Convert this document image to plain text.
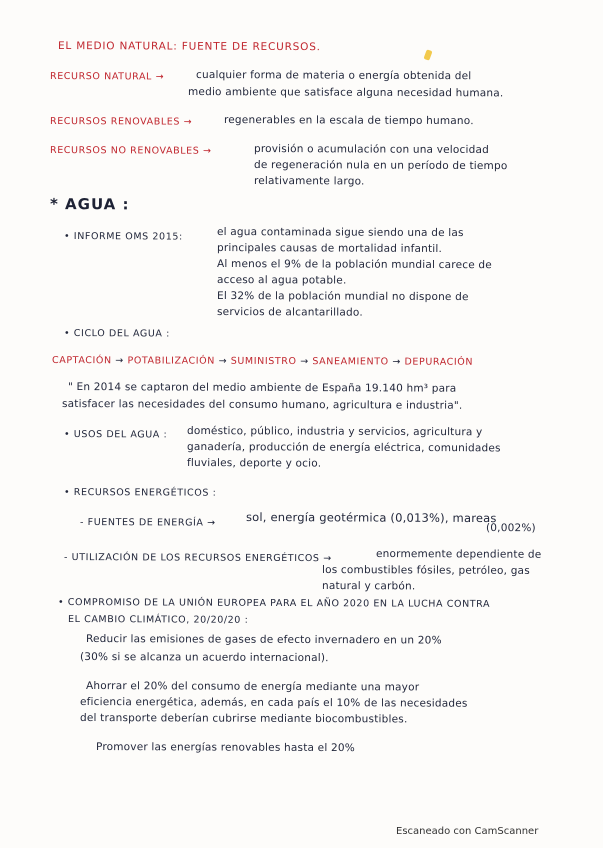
EL MEDIO NATURAL: FUENTE DE RECURSOS.
RECURSO NATURAL →	cualquier forma de materia o energía obtenida del
medio ambiente que satisface alguna necesidad humana.
RECURSOS RENOVABLES →	regenerables en la escala de tiempo humano.
RECURSOS NO RENOVABLES →	provisión o acumulación con una velocidad
de regeneración nula en un período de tiempo
relativamente largo.
* AGUA :
• INFORME OMS 2015:	el agua contaminada sigue siendo una de las
principales causas de mortalidad infantil.
Al menos el 9% de la población mundial carece de
acceso al agua potable.
El 32% de la población mundial no dispone de
servicios de alcantarillado.
• CICLO DEL AGUA :
CAPTACIÓN → POTABILIZACIÓN → SUMINISTRO → SANEAMIENTO → DEPURACIÓN
" En 2014 se captaron del medio ambiente de España 19.140 hm³ para
satisfacer las necesidades del consumo humano, agricultura e industria".
• USOS DEL AGUA : doméstico, público, industria y servicios, agricultura y
ganadería, producción de energía eléctrica, comunidades
fluviales, deporte y ocio.
• RECURSOS ENERGÉTICOS :
- FUENTES DE ENERGÍA →	sol, energía geotérmica (0,013%), mareas
(0,002%)
- UTILIZACIÓN DE LOS RECURSOS ENERGÉTICOS →	enormemente dependiente de
los combustibles fósiles, petróleo, gas
natural y carbón.
• COMPROMISO DE LA UNIÓN EUROPEA PARA EL AÑO 2020 EN LA LUCHA CONTRA
EL CAMBIO CLIMÁTICO, 20/20/20 :
Reducir las emisiones de gases de efecto invernadero en un 20%
(30% si se alcanza un acuerdo internacional).
Ahorrar el 20% del consumo de energía mediante una mayor
eficiencia energética, además, en cada país el 10% de las necesidades
del transporte deberían cubrirse mediante biocombustibles.
Promover las energías renovables hasta el 20%
Escaneado con CamScanner
